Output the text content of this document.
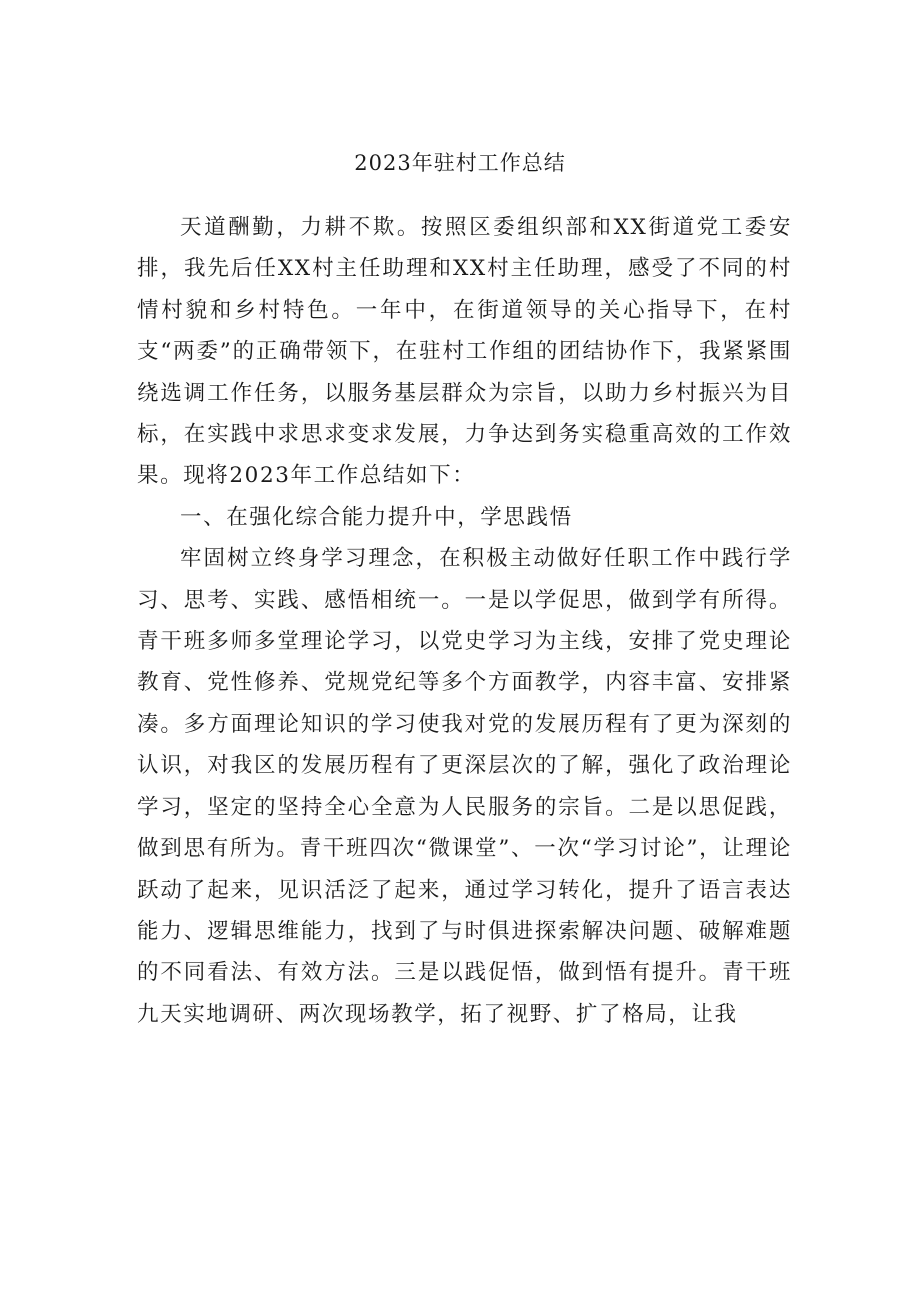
2023年驻村工作总结

天道酬勤，力耕不欺。按照区委组织部和XX街道党工委安排，我先后任XX村主任助理和XX村主任助理，感受了不同的村情村貌和乡村特色。一年中，在街道领导的关心指导下，在村支“两委”的正确带领下，在驻村工作组的团结协作下，我紧紧围绕选调工作任务，以服务基层群众为宗旨，以助力乡村振兴为目标，在实践中求思求变求发展，力争达到务实稳重高效的工作效果。现将2023年工作总结如下：

一、在强化综合能力提升中，学思践悟

牢固树立终身学习理念，在积极主动做好任职工作中践行学习、思考、实践、感悟相统一。一是以学促思，做到学有所得。青干班多师多堂理论学习，以党史学习为主线，安排了党史理论教育、党性修养、党规党纪等多个方面教学，内容丰富、安排紧凑。多方面理论知识的学习使我对党的发展历程有了更为深刻的认识，对我区的发展历程有了更深层次的了解，强化了政治理论学习，坚定的坚持全心全意为人民服务的宗旨。二是以思促践，做到思有所为。青干班四次“微课堂”、一次“学习讨论”，让理论跃动了起来，见识活泛了起来，通过学习转化，提升了语言表达能力、逻辑思维能力，找到了与时俱进探索解决问题、破解难题的不同看法、有效方法。三是以践促悟，做到悟有提升。青干班九天实地调研、两次现场教学，拓了视野、扩了格局，让我
